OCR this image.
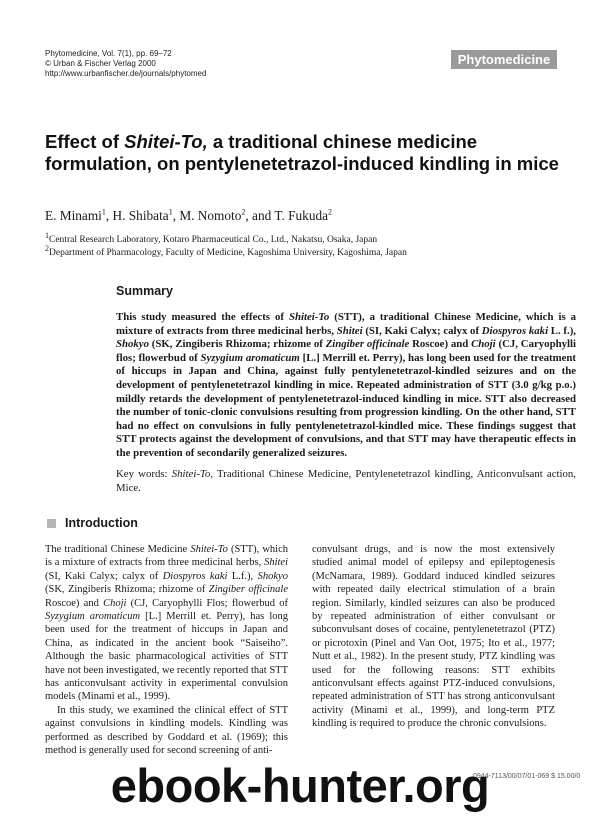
Phytomedicine, Vol. 7(1), pp. 69–72
© Urban & Fischer Verlag 2000
http://www.urbanfischer.de/journals/phytomed
Phytomedicine
Effect of Shitei-To, a traditional chinese medicine formulation, on pentylenetetrazol-induced kindling in mice
E. Minami$^1$, H. Shibata$^1$, M. Nomoto$^2$, and T. Fukuda$^2$
$^1$Central Research Laboratory, Kotaro Pharmaceutical Co., Ltd., Nakatsu, Osaka, Japan
$^2$Department of Pharmacology, Faculty of Medicine, Kagoshima University, Kagoshima, Japan
Summary
This study measured the effects of Shitei-To (STT), a traditional Chinese Medicine, which is a mixture of extracts from three medicinal herbs, Shitei (SI, Kaki Calyx; calyx of Diospyros kaki L. f.), Shokyo (SK, Zingiberis Rhizoma; rhizome of Zingiber officinale Roscoe) and Choji (CJ, Caryophylli flos; flowerbud of Syzygium aromaticum [L.] Merrill et. Perry), has long been used for the treatment of hiccups in Japan and China, against fully pentylenetetrazol-kindled seizures and on the development of pentylenetetrazol kindling in mice. Repeated administration of STT (3.0 g/kg p.o.) mildly retards the development of pentylenetetrazol-induced kindling in mice. STT also decreased the number of tonic-clonic convulsions resulting from progression kindling. On the other hand, STT had no effect on convulsions in fully pentylenetetrazol-kindled mice. These findings suggest that STT protects against the development of convulsions, and that STT may have therapeutic effects in the prevention of secondarily generalized seizures.
Key words: Shitei-To, Traditional Chinese Medicine, Pentylenetetrazol kindling, Anticonvulsant action, Mice.
Introduction

The traditional Chinese Medicine Shitei-To (STT), which is a mixture of extracts from three medicinal herbs, Shitei (SI, Kaki Calyx; calyx of Diospyros kaki L.f.), Shokyo (SK, Zingiberis Rhizoma; rhizome of Zingiber officinale Roscoe) and Choji (CJ, Caryophylli Flos; flowerbud of Syzygium aromaticum [L.] Merrill et. Perry), has long been used for the treatment of hiccups in Japan and China, as indicated in the ancient book “Saiseiho”. Although the basic pharmacological activities of STT have not been investigated, we recently reported that STT has anticonvulsant activity in experimental convulsion models (Minami et al., 1999).

In this study, we examined the clinical effect of STT against convulsions in kindling models. Kindling was performed as described by Goddard et al. (1969); this method is generally used for second screening of anti-

convulsant drugs, and is now the most extensively studied animal model of epilepsy and epileptogenesis (McNamara, 1989). Goddard induced kindled seizures with repeated daily electrical stimulation of a brain region. Similarly, kindled seizures can also be produced by repeated administration of either convulsant or subconvulsant doses of cocaine, pentylenetetrazol (PTZ) or picrotoxin (Pinel and Van Oot, 1975; Ito et al., 1977; Nutt et al., 1982). In the present study, PTZ kindling was used for the following reasons: STT exhibits anticonvulsant effects against PTZ-induced convulsions, repeated administration of STT has strong anticonvulsant activity (Minami et al., 1999), and long-term PTZ kindling is required to produce the chronic convulsions.

0944-7113/00/07/01-069 $ 15.00/0
ebook-hunter.org
